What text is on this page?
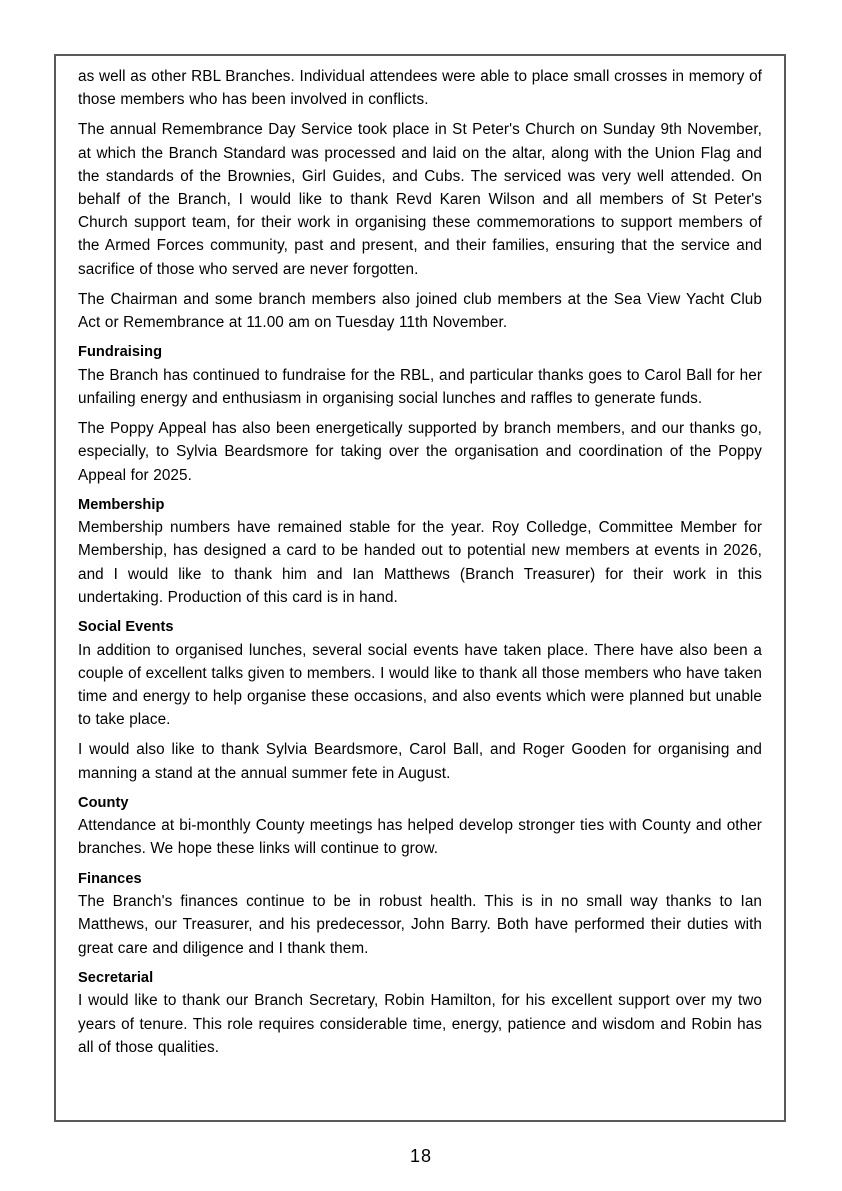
as well as other RBL Branches. Individual attendees were able to place small crosses in memory of those members who has been involved in conflicts.

The annual Remembrance Day Service took place in St Peter's Church on Sunday 9th November, at which the Branch Standard was processed and laid on the altar, along with the Union Flag and the standards of the Brownies, Girl Guides, and Cubs. The serviced was very well attended. On behalf of the Branch, I would like to thank Revd Karen Wilson and all members of St Peter's Church support team, for their work in organising these commemorations to support members of the Armed Forces community, past and present, and their families, ensuring that the service and sacrifice of those who served are never forgotten.

The Chairman and some branch members also joined club members at the Sea View Yacht Club Act or Remembrance at 11.00 am on Tuesday 11th November.

Fundraising

The Branch has continued to fundraise for the RBL, and particular thanks goes to Carol Ball for her unfailing energy and enthusiasm in organising social lunches and raffles to generate funds.

The Poppy Appeal has also been energetically supported by branch members, and our thanks go, especially, to Sylvia Beardsmore for taking over the organisation and coordination of the Poppy Appeal for 2025.

Membership

Membership numbers have remained stable for the year. Roy Colledge, Committee Member for Membership, has designed a card to be handed out to potential new members at events in 2026, and I would like to thank him and Ian Matthews (Branch Treasurer) for their work in this undertaking. Production of this card is in hand.

Social Events

In addition to organised lunches, several social events have taken place. There have also been a couple of excellent talks given to members. I would like to thank all those members who have taken time and energy to help organise these occasions, and also events which were planned but unable to take place.

I would also like to thank Sylvia Beardsmore, Carol Ball, and Roger Gooden for organising and manning a stand at the annual summer fete in August.

County

Attendance at bi-monthly County meetings has helped develop stronger ties with County and other branches. We hope these links will continue to grow.

Finances

The Branch's finances continue to be in robust health. This is in no small way thanks to Ian Matthews, our Treasurer, and his predecessor, John Barry. Both have performed their duties with great care and diligence and I thank them.

Secretarial

I would like to thank our Branch Secretary, Robin Hamilton, for his excellent support over my two years of tenure. This role requires considerable time, energy, patience and wisdom and Robin has all of those qualities.

18
